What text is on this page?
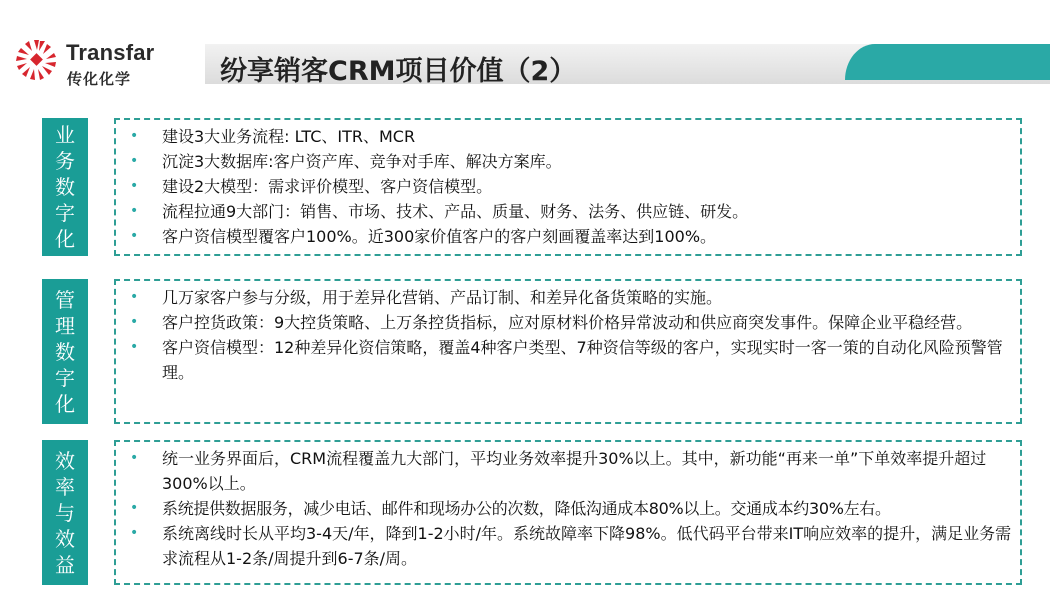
Transfar
传化化学	纷享销客CRM项目价值（2）
业
务
数
字
化
• 建设3大业务流程: LTC、ITR、MCR
• 沉淀3大数据库:客户资产库、竞争对手库、解决方案库。
• 建设2大模型：需求评价模型、客户资信模型。
• 流程拉通9大部门：销售、市场、技术、产品、质量、财务、法务、供应链、研发。
• 客户资信模型覆客户100%。近300家价值客户的客户刻画覆盖率达到100%。
管
理
数
字
化
• 几万家客户参与分级，用于差异化营销、产品订制、和差异化备货策略的实施。
• 客户控货政策：9大控货策略、上万条控货指标，应对原材料价格异常波动和供应商突发事件。保障企业平稳经营。
• 客户资信模型：12种差异化资信策略，覆盖4种客户类型、7种资信等级的客户，实现实时一客一策的自动化风险预警管理。
效
率
与
效
益
• 统一业务界面后，CRM流程覆盖九大部门，平均业务效率提升30%以上。其中，新功能“再来一单”下单效率提升超过300%以上。
• 系统提供数据服务，减少电话、邮件和现场办公的次数，降低沟通成本80%以上。交通成本约30%左右。
• 系统离线时长从平均3-4天/年，降到1-2小时/年。系统故障率下降98%。低代码平台带来IT响应效率的提升，满足业务需求流程从1-2条/周提升到6-7条/周。
